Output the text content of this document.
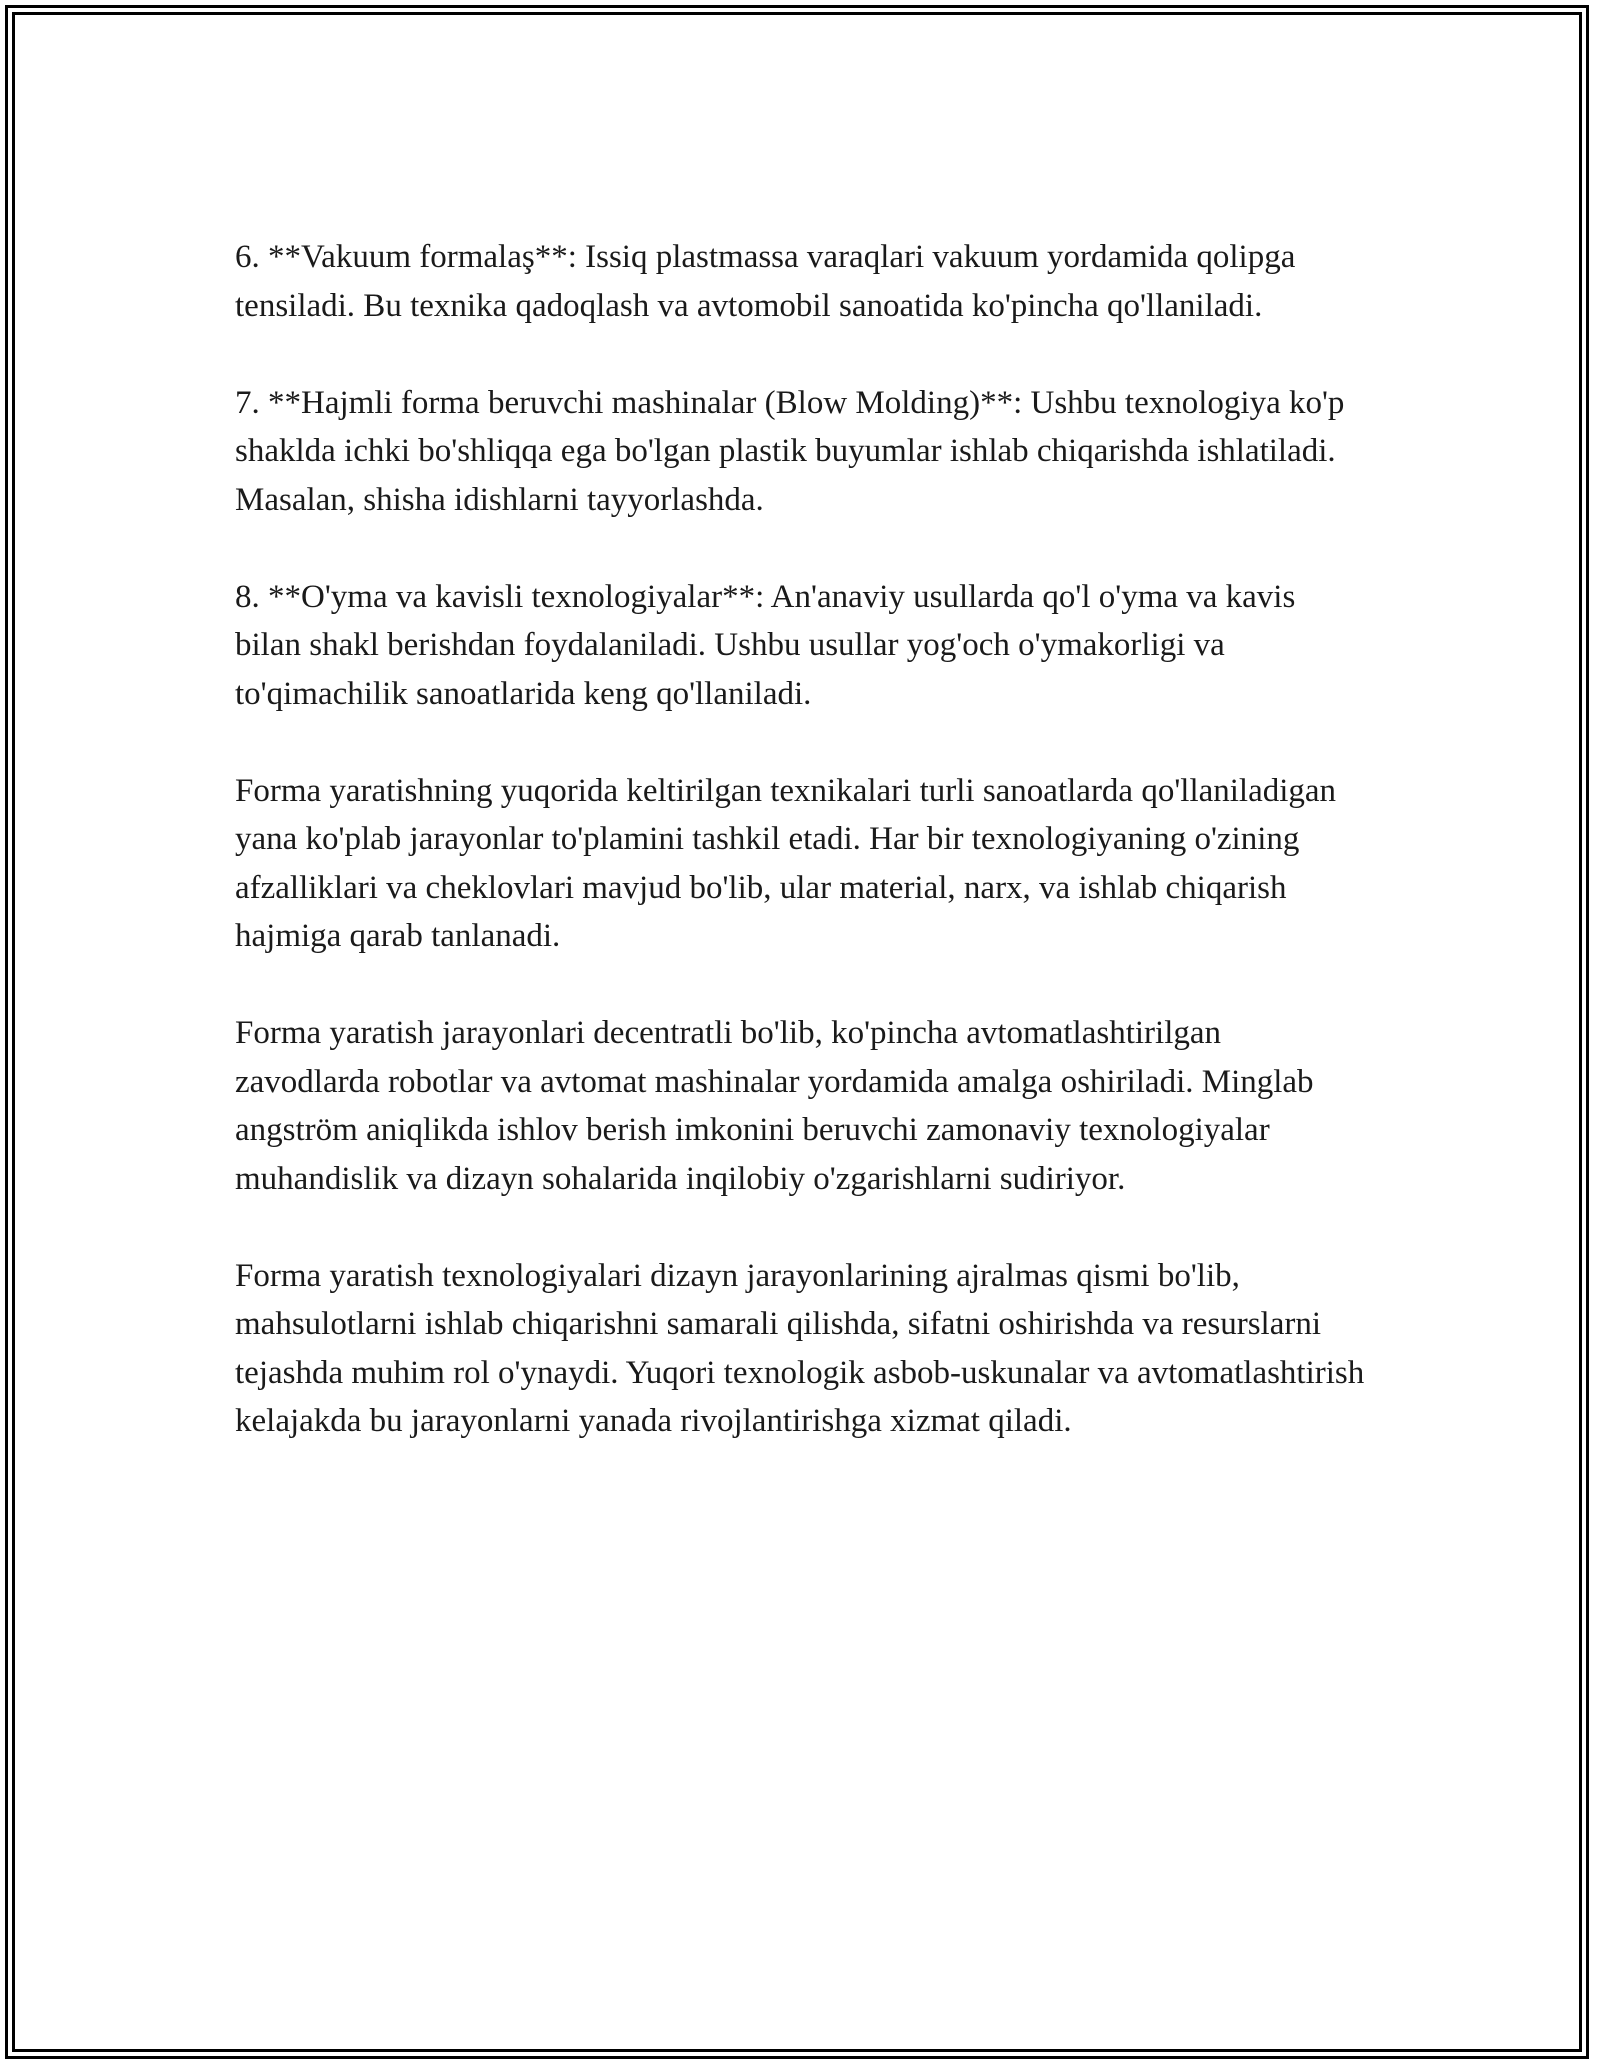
6. **Vakuum formalaş**: Issiq plastmassa varaqlari vakuum yordamida qolipga tensiladi. Bu texnika qadoqlash va avtomobil sanoatida ko'pincha qo'llaniladi.

7. **Hajmli forma beruvchi mashinalar (Blow Molding)**: Ushbu texnologiya ko'p shaklda ichki bo'shliqqa ega bo'lgan plastik buyumlar ishlab chiqarishda ishlatiladi. Masalan, shisha idishlarni tayyorlashda.

8. **O'yma va kavisli texnologiyalar**: An'anaviy usullarda qo'l o'yma va kavis bilan shakl berishdan foydalaniladi. Ushbu usullar yog'och o'ymakorligi va to'qimachilik sanoatlarida keng qo'llaniladi.

Forma yaratishning yuqorida keltirilgan texnikalari turli sanoatlarda qo'llaniladigan yana ko'plab jarayonlar to'plamini tashkil etadi. Har bir texnologiyaning o'zining afzalliklari va cheklovlari mavjud bo'lib, ular material, narx, va ishlab chiqarish hajmiga qarab tanlanadi.

Forma yaratish jarayonlari decentratli bo'lib, ko'pincha avtomatlashtirilgan zavodlarda robotlar va avtomat mashinalar yordamida amalga oshiriladi. Minglab angström aniqlikda ishlov berish imkonini beruvchi zamonaviy texnologiyalar muhandislik va dizayn sohalarida inqilobiy o'zgarishlarni sudiriyor.

Forma yaratish texnologiyalari dizayn jarayonlarining ajralmas qismi bo'lib, mahsulotlarni ishlab chiqarishni samarali qilishda, sifatni oshirishda va resurslarni tejashda muhim rol o'ynaydi. Yuqori texnologik asbob-uskunalar va avtomatlashtirish kelajakda bu jarayonlarni yanada rivojlantirishga xizmat qiladi.
